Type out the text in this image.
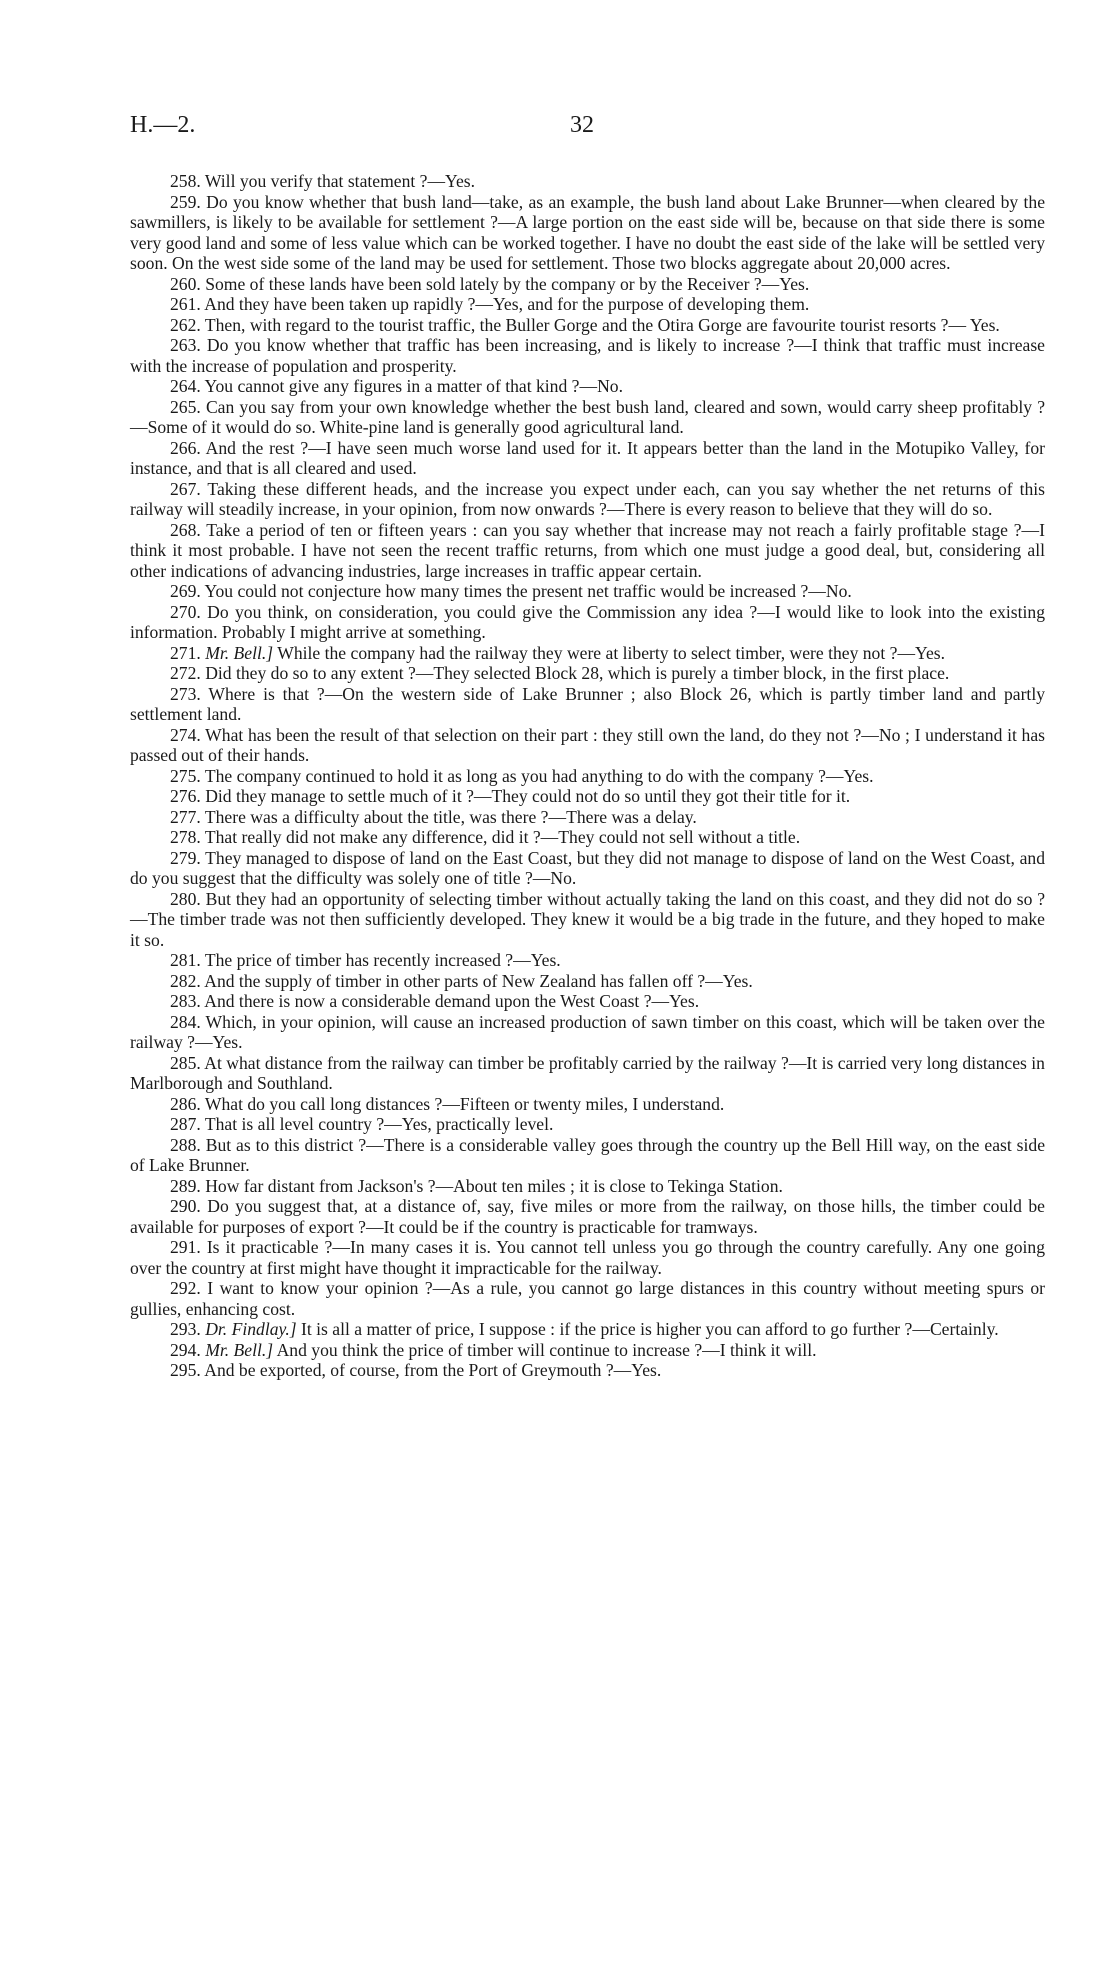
H.—2.	32

258. Will you verify that statement ?—Yes.

259. Do you know whether that bush land—take, as an example, the bush land about Lake Brunner—when cleared by the sawmillers, is likely to be available for settlement ?—A large portion on the east side will be, because on that side there is some very good land and some of less value which can be worked together. I have no doubt the east side of the lake will be settled very soon. On the west side some of the land may be used for settlement. Those two blocks aggregate about 20,000 acres.

260. Some of these lands have been sold lately by the company or by the Receiver ?—Yes.

261. And they have been taken up rapidly ?—Yes, and for the purpose of developing them.

262. Then, with regard to the tourist traffic, the Buller Gorge and the Otira Gorge are favourite tourist resorts ?— Yes.

263. Do you know whether that traffic has been increasing, and is likely to increase ?—I think that traffic must increase with the increase of population and prosperity.

264. You cannot give any figures in a matter of that kind ?—No.

265. Can you say from your own knowledge whether the best bush land, cleared and sown, would carry sheep profitably ?—Some of it would do so. White-pine land is generally good agricultural land.

266. And the rest ?—I have seen much worse land used for it. It appears better than the land in the Motupiko Valley, for instance, and that is all cleared and used.

267. Taking these different heads, and the increase you expect under each, can you say whether the net returns of this railway will steadily increase, in your opinion, from now onwards ?—There is every reason to believe that they will do so.

268. Take a period of ten or fifteen years : can you say whether that increase may not reach a fairly profitable stage ?—I think it most probable. I have not seen the recent traffic returns, from which one must judge a good deal, but, considering all other indications of advancing industries, large increases in traffic appear certain.

269. You could not conjecture how many times the present net traffic would be increased ?—No.

270. Do you think, on consideration, you could give the Commission any idea ?—I would like to look into the existing information. Probably I might arrive at something.

271. Mr. Bell.] While the company had the railway they were at liberty to select timber, were they not ?—Yes.

272. Did they do so to any extent ?—They selected Block 28, which is purely a timber block, in the first place.

273. Where is that ?—On the western side of Lake Brunner ; also Block 26, which is partly timber land and partly settlement land.

274. What has been the result of that selection on their part : they still own the land, do they not ?—No ; I understand it has passed out of their hands.

275. The company continued to hold it as long as you had anything to do with the company ?—Yes.

276. Did they manage to settle much of it ?—They could not do so until they got their title for it.

277. There was a difficulty about the title, was there ?—There was a delay.

278. That really did not make any difference, did it ?—They could not sell without a title.

279. They managed to dispose of land on the East Coast, but they did not manage to dispose of land on the West Coast, and do you suggest that the difficulty was solely one of title ?—No.

280. But they had an opportunity of selecting timber without actually taking the land on this coast, and they did not do so ?—The timber trade was not then sufficiently developed. They knew it would be a big trade in the future, and they hoped to make it so.

281. The price of timber has recently increased ?—Yes.

282. And the supply of timber in other parts of New Zealand has fallen off ?—Yes.

283. And there is now a considerable demand upon the West Coast ?—Yes.

284. Which, in your opinion, will cause an increased production of sawn timber on this coast, which will be taken over the railway ?—Yes.

285. At what distance from the railway can timber be profitably carried by the railway ?—It is carried very long distances in Marlborough and Southland.

286. What do you call long distances ?—Fifteen or twenty miles, I understand.

287. That is all level country ?—Yes, practically level.

288. But as to this district ?—There is a considerable valley goes through the country up the Bell Hill way, on the east side of Lake Brunner.

289. How far distant from Jackson's ?—About ten miles ; it is close to Tekinga Station.

290. Do you suggest that, at a distance of, say, five miles or more from the railway, on those hills, the timber could be available for purposes of export ?—It could be if the country is practicable for tramways.

291. Is it practicable ?—In many cases it is. You cannot tell unless you go through the country carefully. Any one going over the country at first might have thought it impracticable for the railway.

292. I want to know your opinion ?—As a rule, you cannot go large distances in this country without meeting spurs or gullies, enhancing cost.

293. Dr. Findlay.] It is all a matter of price, I suppose : if the price is higher you can afford to go further ?—Certainly.

294. Mr. Bell.] And you think the price of timber will continue to increase ?—I think it will.

295. And be exported, of course, from the Port of Greymouth ?—Yes.
